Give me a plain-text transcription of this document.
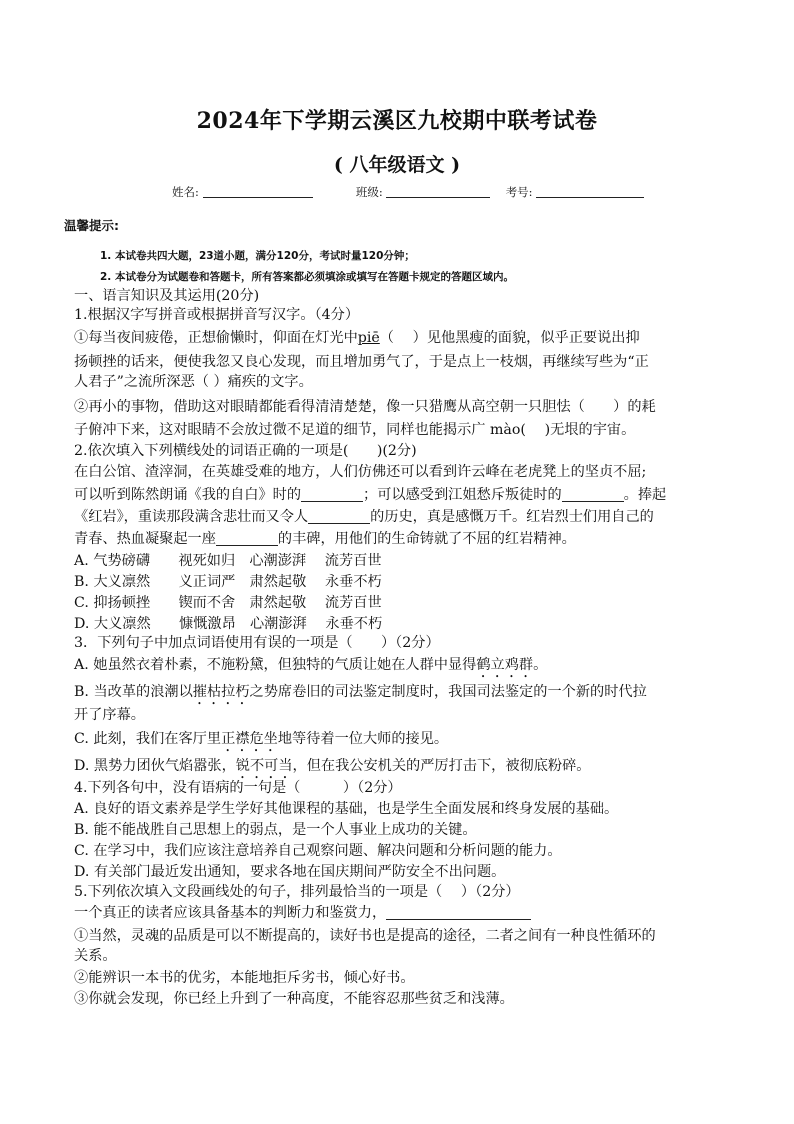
2024年下学期云溪区九校期中联考试卷
( 八年级语文 )
姓名:	班级:	考号:
温馨提示:
1. 本试卷共四大题，23道小题，满分120分，考试时量120分钟；
2. 本试卷分为试题卷和答题卡，所有答案都必须填涂或填写在答题卡规定的答题区域内。
一、语言知识及其运用(20分)
1.根据汉字写拼音或根据拼音写汉字。（4分）
①每当夜间疲倦，正想偷懒时，仰面在灯光中piē（　 ）见他黑瘦的面貌，似乎正要说出抑
扬顿挫的话来，便使我忽又良心发现，而且增加勇气了，于是点上一枝烟，再继续写些为“正
人君子”之流所深恶（ ）痛疾的文字。
②再小的事物，借助这对眼睛都能看得清清楚楚，像一只猎鹰从高空朝一只胆怯（　　）的耗
子俯冲下来，这对眼睛不会放过微不足道的细节，同样也能揭示广 mào(　 )无垠的宇宙。
2.依次填入下列横线处的词语正确的一项是(　　)(2分)
在白公馆、渣滓洞，在英雄受难的地方，人们仿佛还可以看到许云峰在老虎凳上的坚贞不屈;
可以听到陈然朗诵《我的自白》时的	；可以感受到江姐愁斥叛徒时的	。捧起
《红岩》，重读那段满含悲壮而又令人	的历史，真是感慨万千。红岩烈士们用自己的
青春、热血凝聚起一座	的丰碑，用他们的生命铸就了不屈的红岩精神。
A. 气势磅礴　　视死如归　心潮澎湃　 流芳百世
B. 大义凛然　　义正词严　肃然起敬　 永垂不朽
C. 抑扬顿挫　　锲而不舍　肃然起敬　 流芳百世
D. 大义凛然　　慷慨激昂　心潮澎湃　 永垂不朽
3．下列句子中加点词语使用有误的一项是（　　）（2分）
A. 她虽然衣着朴素，不施粉黛，但独特的气质让她在人群中显得鹤立鸡群。
B. 当改革的浪潮以摧枯拉朽之势席卷旧的司法鉴定制度时，我国司法鉴定的一个新的时代拉
开了序幕。
C. 此刻，我们在客厅里正襟危坐地等待着一位大师的接见。
D. 黑势力团伙气焰嚣张，锐不可当，但在我公安机关的严厉打击下，被彻底粉碎。
4.下列各句中，没有语病的一句是（　　　）（2分）
A. 良好的语文素养是学生学好其他课程的基础，也是学生全面发展和终身发展的基础。
B. 能不能战胜自己思想上的弱点，是一个人事业上成功的关键。
C. 在学习中，我们应该注意培养自己观察问题、解决问题和分析问题的能力。
D. 有关部门最近发出通知，要求各地在国庆期间严防安全不出问题。
5.下列依次填入文段画线处的句子，排列最恰当的一项是（　 ）（2分）
一个真正的读者应该具备基本的判断力和鉴赏力，
①当然，灵魂的品质是可以不断提高的，读好书也是提高的途径，二者之间有一种良性循环的
关系。
②能辨识一本书的优劣，本能地拒斥劣书，倾心好书。
③你就会发现，你已经上升到了一种高度，不能容忍那些贫乏和浅薄。
